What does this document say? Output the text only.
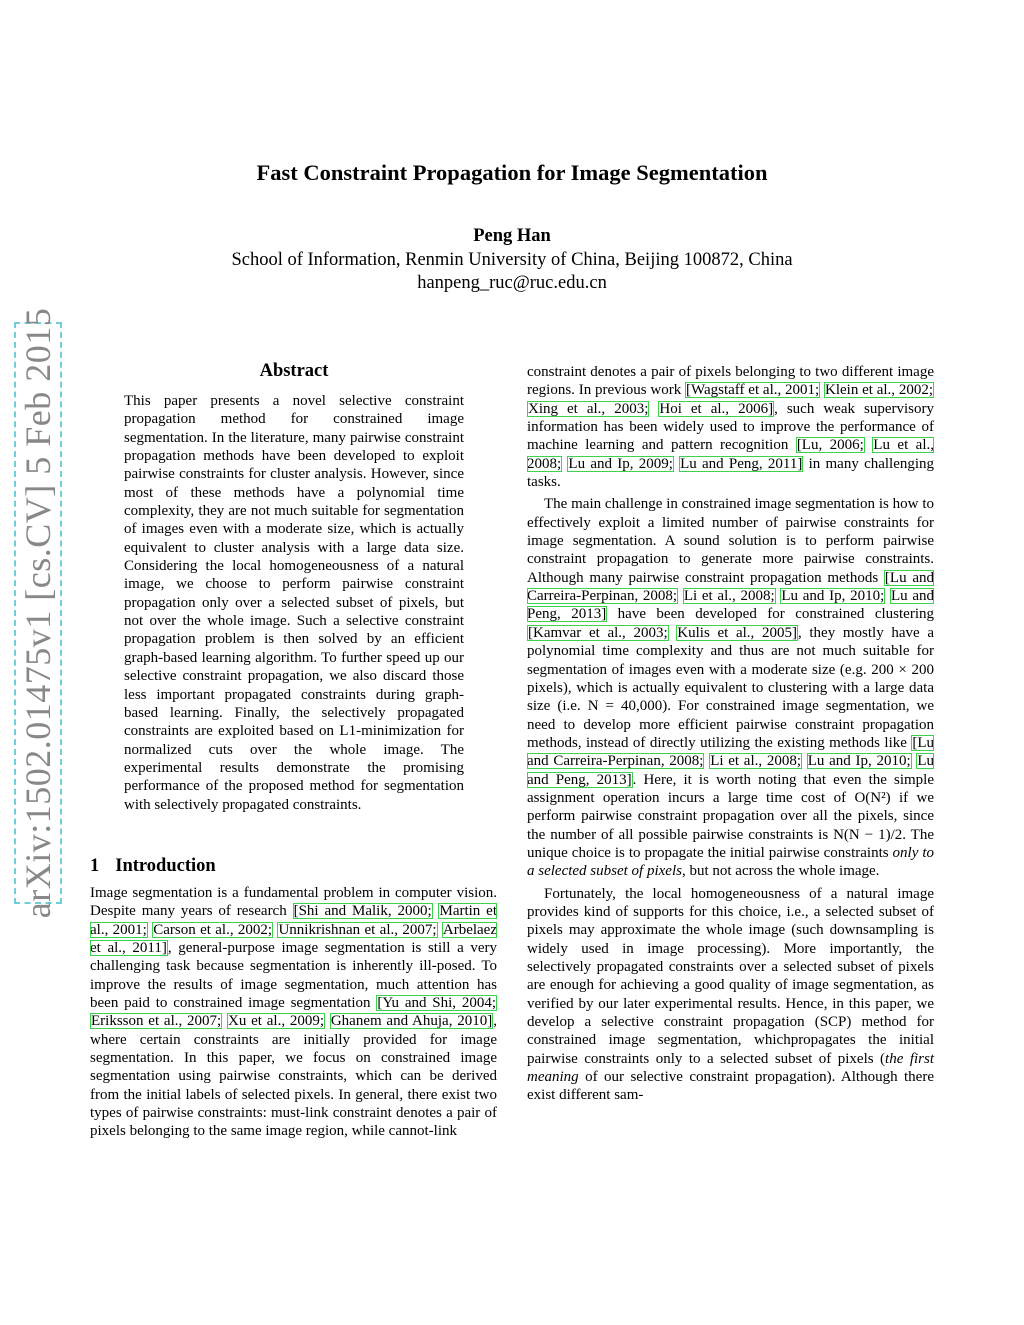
arXiv:1502.01475v1 [cs.CV] 5 Feb 2015
Fast Constraint Propagation for Image Segmentation
Peng Han
School of Information, Renmin University of China, Beijing 100872, China
hanpeng_ruc@ruc.edu.cn
Abstract
This paper presents a novel selective constraint propagation method for constrained image segmentation. In the literature, many pairwise constraint propagation methods have been developed to exploit pairwise constraints for cluster analysis. However, since most of these methods have a polynomial time complexity, they are not much suitable for segmentation of images even with a moderate size, which is actually equivalent to cluster analysis with a large data size. Considering the local homogeneousness of a natural image, we choose to perform pairwise constraint propagation only over a selected subset of pixels, but not over the whole image. Such a selective constraint propagation problem is then solved by an efficient graph-based learning algorithm. To further speed up our selective constraint propagation, we also discard those less important propagated constraints during graph-based learning. Finally, the selectively propagated constraints are exploited based on L1-minimization for normalized cuts over the whole image. The experimental results demonstrate the promising performance of the proposed method for segmentation with selectively propagated constraints.
1 Introduction

Image segmentation is a fundamental problem in computer vision. Despite many years of research [Shi and Malik, 2000; Martin et al., 2001; Carson et al., 2002; Unnikrishnan et al., 2007; Arbelaez et al., 2011], general-purpose image segmentation is still a very challenging task because segmentation is inherently ill-posed. To improve the results of image segmentation, much attention has been paid to constrained image segmentation [Yu and Shi, 2004; Eriksson et al., 2007; Xu et al., 2009; Ghanem and Ahuja, 2010], where certain constraints are initially provided for image segmentation. In this paper, we focus on constrained image segmentation using pairwise constraints, which can be derived from the initial labels of selected pixels. In general, there exist two types of pairwise constraints: must-link constraint denotes a pair of pixels belonging to the same image region, while cannot-link

constraint denotes a pair of pixels belonging to two different image regions. In previous work [Wagstaff et al., 2001; Klein et al., 2002; Xing et al., 2003; Hoi et al., 2006], such weak supervisory information has been widely used to improve the performance of machine learning and pattern recognition [Lu, 2006; Lu et al., 2008; Lu and Ip, 2009; Lu and Peng, 2011] in many challenging tasks.

The main challenge in constrained image segmentation is how to effectively exploit a limited number of pairwise constraints for image segmentation. A sound solution is to perform pairwise constraint propagation to generate more pairwise constraints. Although many pairwise constraint propagation methods [Lu and Carreira-Perpinan, 2008; Li et al., 2008; Lu and Ip, 2010; Lu and Peng, 2013] have been developed for constrained clustering [Kamvar et al., 2003; Kulis et al., 2005], they mostly have a polynomial time complexity and thus are not much suitable for segmentation of images even with a moderate size (e.g. 200 × 200 pixels), which is actually equivalent to clustering with a large data size (i.e. N = 40,000). For constrained image segmentation, we need to develop more efficient pairwise constraint propagation methods, instead of directly utilizing the existing methods like [Lu and Carreira-Perpinan, 2008; Li et al., 2008; Lu and Ip, 2010; Lu and Peng, 2013]. Here, it is worth noting that even the simple assignment operation incurs a large time cost of O(N²) if we perform pairwise constraint propagation over all the pixels, since the number of all possible pairwise constraints is N(N − 1)/2. The unique choice is to propagate the initial pairwise constraints only to a selected subset of pixels, but not across the whole image.

Fortunately, the local homogeneousness of a natural image provides kind of supports for this choice, i.e., a selected subset of pixels may approximate the whole image (such downsampling is widely used in image processing). More importantly, the selectively propagated constraints over a selected subset of pixels are enough for achieving a good quality of image segmentation, as verified by our later experimental results. Hence, in this paper, we develop a selective constraint propagation (SCP) method for constrained image segmentation, whichpropagates the initial pairwise constraints only to a selected subset of pixels (the first meaning of our selective constraint propagation). Although there exist different sam-
